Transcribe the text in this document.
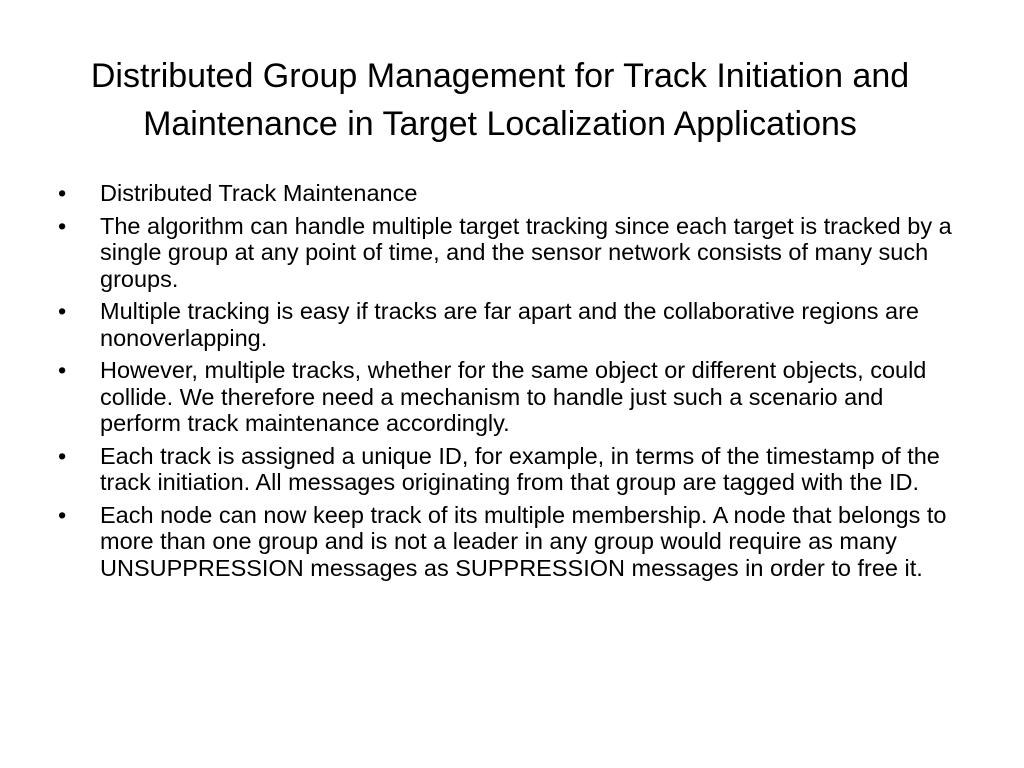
Distributed Group Management for Track Initiation and
Maintenance in Target Localization Applications
•	Distributed Track Maintenance
•	The algorithm can handle multiple target tracking since each target is tracked by a single group at any point of time, and the sensor network consists of many such groups.
•	Multiple tracking is easy if tracks are far apart and the collaborative regions are nonoverlapping.
•	However, multiple tracks, whether for the same object or different objects, could collide. We therefore need a mechanism to handle just such a scenario and perform track maintenance accordingly.
•	Each track is assigned a unique ID, for example, in terms of the timestamp of the track initiation. All messages originating from that group are tagged with the ID.
•	Each node can now keep track of its multiple membership. A node that belongs to more than one group and is not a leader in any group would require as many UNSUPPRESSION messages as SUPPRESSION messages in order to free it.
